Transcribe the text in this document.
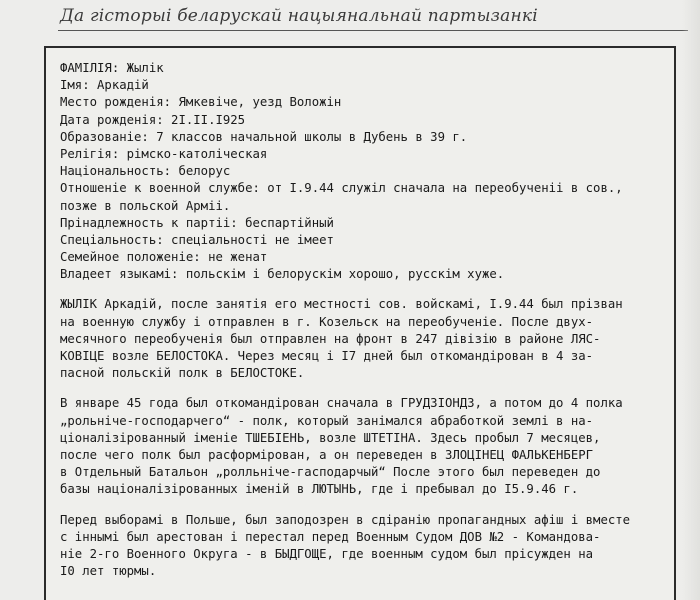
Да гісторыі беларускай нацыянальнай партызанкі
ФАМІЛІЯ: Жылік
Імя: Аркадій
Место рожденія: Ямкевіче, уезд Воложін
Дата рожденія: 2І.ІІ.І925
Образованіе: 7 классов начальной школы в Дубень в 39 г.
Релігія: рімско-католіческая
Національность: белорус
Отношеніе к военной службе: от І.9.44 служіл сначала на переобученіі в сов.,
позже в польской Арміі.
Прінадлежность к партіі: беспартійный
Спеціальность: спеціальності не імеет
Семейное положеніе: не женат
Владеет языкамі: польскім і белорускім хорошо, русскім хуже.
ЖЫЛІК Аркадій, после занятія его местності сов. войскамі, І.9.44 был прізван
на военную службу і отправлен в г. Козельск на переобученіе. После двух-
месячного переобученія был отправлен на фронт в 247 дівізію в районе ЛЯС-
КОВІЦЕ возле БЕЛОСТОКА. Через месяц і І7 дней был откомандірован в 4 за-
пасной польскій полк в БЕЛОСТОКЕ.
В январе 45 года был откомандірован сначала в ГРУДЗІОНДЗ, а потом до 4 полка
„рольніче-господарчего“ - полк, который занімался абработкой землі в на-
ціоналізірованный іменіе ТШЕБІЕНЬ, возле ШТЕТІНА. Здесь пробыл 7 месяцев,
после чего полк был расформірован, а он переведен в ЗЛОЦІНЕЦ ФАЛЬКЕНБЕРГ
в Отдельный Батальон „ролльніче-гасподарчый“ После этого был переведен до
базы націоналізірованных іменій в ЛЮТЫНЬ, где і пребывал до І5.9.46 г.
Перед выборамі в Польше, был заподозрен в сдіранію пропагандных афіш і вместе
с іннымі был арестован і перестал перед Военным Судом ДОВ №2 - Командова-
ніе 2-го Военного Округа - в БЫДГОЩЕ, где военным судом был прісужден на
І0 лет тюрмы.
